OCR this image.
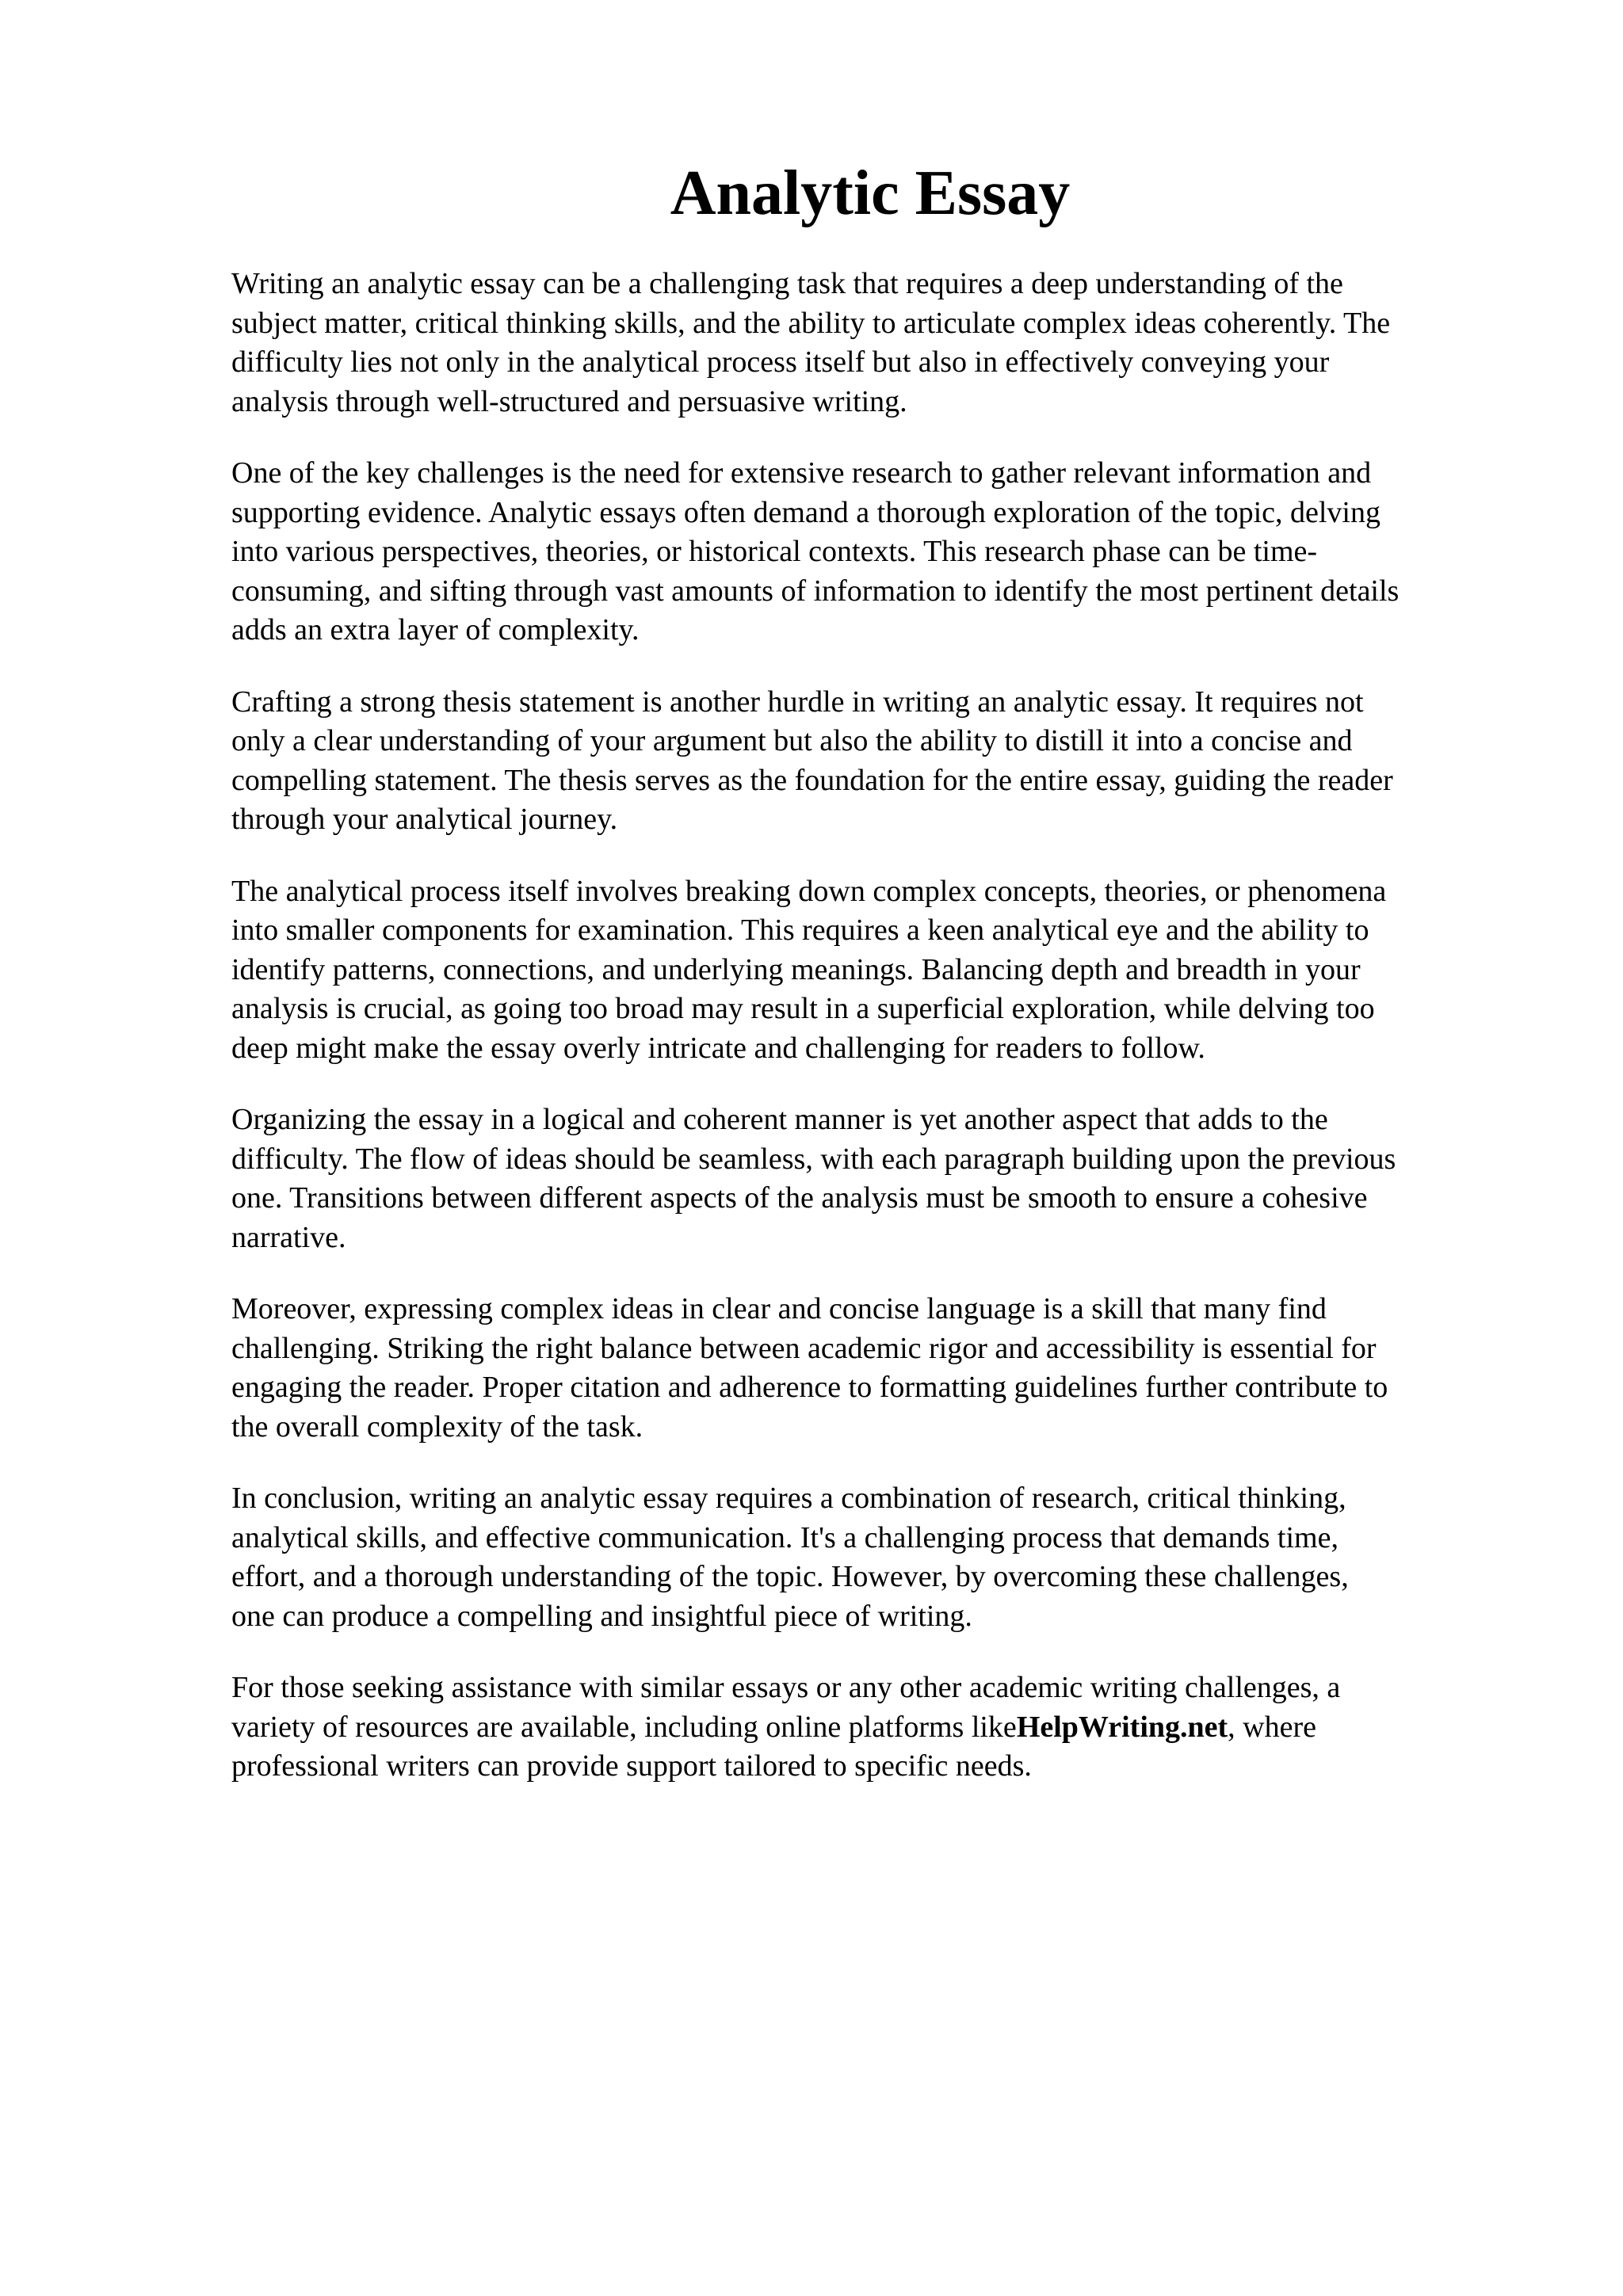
Analytic Essay

Writing an analytic essay can be a challenging task that requires a deep understanding of the
subject matter, critical thinking skills, and the ability to articulate complex ideas coherently. The
difficulty lies not only in the analytical process itself but also in effectively conveying your
analysis through well-structured and persuasive writing.

One of the key challenges is the need for extensive research to gather relevant information and
supporting evidence. Analytic essays often demand a thorough exploration of the topic, delving
into various perspectives, theories, or historical contexts. This research phase can be time-
consuming, and sifting through vast amounts of information to identify the most pertinent details
adds an extra layer of complexity.

Crafting a strong thesis statement is another hurdle in writing an analytic essay. It requires not
only a clear understanding of your argument but also the ability to distill it into a concise and
compelling statement. The thesis serves as the foundation for the entire essay, guiding the reader
through your analytical journey.

The analytical process itself involves breaking down complex concepts, theories, or phenomena
into smaller components for examination. This requires a keen analytical eye and the ability to
identify patterns, connections, and underlying meanings. Balancing depth and breadth in your
analysis is crucial, as going too broad may result in a superficial exploration, while delving too
deep might make the essay overly intricate and challenging for readers to follow.

Organizing the essay in a logical and coherent manner is yet another aspect that adds to the
difficulty. The flow of ideas should be seamless, with each paragraph building upon the previous
one. Transitions between different aspects of the analysis must be smooth to ensure a cohesive
narrative.

Moreover, expressing complex ideas in clear and concise language is a skill that many find
challenging. Striking the right balance between academic rigor and accessibility is essential for
engaging the reader. Proper citation and adherence to formatting guidelines further contribute to
the overall complexity of the task.

In conclusion, writing an analytic essay requires a combination of research, critical thinking,
analytical skills, and effective communication. It's a challenging process that demands time,
effort, and a thorough understanding of the topic. However, by overcoming these challenges,
one can produce a compelling and insightful piece of writing.

For those seeking assistance with similar essays or any other academic writing challenges, a
variety of resources are available, including online platforms likeHelpWriting.net, where
professional writers can provide support tailored to specific needs.
